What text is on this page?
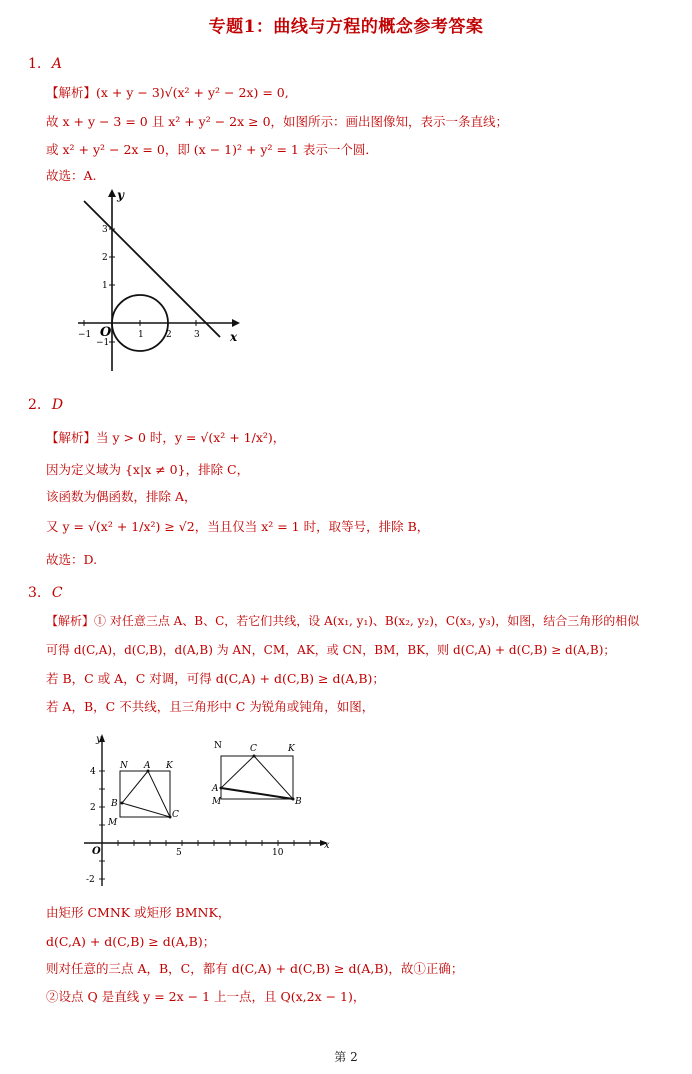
专题1：曲线与方程的概念参考答案
1. A
【解析】(x + y − 3)√(x² + y² − 2x) = 0,
故 x + y − 3 = 0 且 x² + y² − 2x ≥ 0，如图所示：画出图像知，表示一条直线；
或 x² + y² − 2x = 0，即 (x − 1)² + y² = 1 表示一个圆．
故选：A.
−1	1 2 3
3
2
1
−1
O	x
y
2. D
【解析】当 y > 0 时，y = √(x² + 1/x²)，
因为定义域为 {x|x ≠ 0}，排除 C，
该函数为偶函数，排除 A，
又 y = √(x² + 1/x²) ≥ √2，当且仅当 x² = 1 时，取等号，排除 B，
故选：D.
3. C
【解析】① 对任意三点 A、B、C，若它们共线，设 A(x₁, y₁)、B(x₂, y₂)，C(x₃, y₃)，如图，结合三角形的相似
可得 d(C,A)，d(C,B)，d(A,B) 为 AN，CM，AK，或 CN，BM，BK，则 d(C,A) + d(C,B) ≥ d(A,B)；
若 B，C 或 A，C 对调，可得 d(C,A) + d(C,B) ≥ d(A,B)；
若 A，B，C 不共线，且三角形中 C 为锐角或钝角，如图，
4
2
-2
5	10
O
x
y
N A K
B
C
M
N	C	K
A
M	B
由矩形 CMNK 或矩形 BMNK，
d(C,A) + d(C,B) ≥ d(A,B)；
则对任意的三点 A，B，C，都有 d(C,A) + d(C,B) ≥ d(A,B)，故①正确；
②设点 Q 是直线 y = 2x − 1 上一点，且 Q(x,2x − 1)，
第 2
